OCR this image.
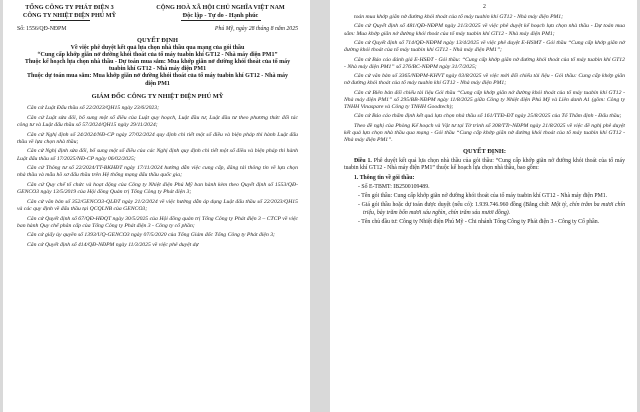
TỔNG CÔNG TY PHÁT ĐIỆN 3
CÔNG TY NHIỆT ĐIỆN PHÚ MỸ
CỘNG HOÀ XÃ HỘI CHỦ NGHĨA VIỆT NAM
Độc lập - Tự do - Hạnh phúc
Số: 1556/QĐ-NĐPM	Phú Mỹ, ngày 28 tháng 8 năm 2025
QUYẾT ĐỊNH
Về việc phê duyệt kết quả lựa chọn nhà thầu qua mạng của gói thầu
“Cung cấp khớp giãn nở đường khói thoát của tổ máy tuabin khí GT12 - Nhà máy điện PM1”
Thuộc kế hoạch lựa chọn nhà thầu - Dự toán mua sắm: Mua khớp giãn nở đường khói thoát của tổ máy tuabin khí GT12 - Nhà máy điện PM1
Thuộc dự toán mua sắm: Mua khớp giãn nở đường khói thoát của tổ máy tuabin khí GT12 - Nhà máy điện PM1
GIÁM ĐỐC CÔNG TY NHIỆT ĐIỆN PHÚ MỸ

Căn cứ Luật Đấu thầu số 22/2023/QH15 ngày 23/6/2023;

Căn cứ Luật sửa đổi, bổ sung một số điều của Luật quy hoạch, Luật đầu tư, Luật đầu tư theo phương thức đối tác công tư và Luật đấu thầu số 57/2024/QH15 ngày 29/11/2024;

Căn cứ Nghị định số 24/2024/NĐ-CP ngày 27/02/2024 quy định chi tiết một số điều và biện pháp thi hành Luật đấu thầu về lựa chọn nhà thầu;

Căn cứ Nghị định sửa đổi, bổ sung một số điều của các Nghị định quy định chi tiết một số điều và biện pháp thi hành Luật đấu thầu số 17/2025/NĐ-CP ngày 06/02/2025;

Căn cứ Thông tư số 22/2024/TT-BKHĐT ngày 17/11/2024 hướng dẫn việc cung cấp, đăng tải thông tin về lựa chọn nhà thầu và mẫu hồ sơ đấu thầu trên Hệ thống mạng đấu thầu quốc gia;

Căn cứ Quy chế tổ chức và hoạt động của Công ty Nhiệt điện Phú Mỹ ban hành kèm theo Quyết định số 1553/QĐ-GENCO3 ngày 13/5/2019 của Hội đồng Quản trị Tổng Công ty Phát điện 3;

Căn cứ văn bản số 352/GENCO3-QLĐT ngày 21/2/2024 về việc hướng dẫn áp dụng Luật đấu thầu số 22/2023/QH15 và các quy định về đấu thầu tại QCQLNB của GENCO3;

Căn cứ Quyết định số 67/QĐ-HĐQT ngày 30/5/2025 của Hội đồng quản trị Tổng Công ty Phát điện 3 – CTCP về việc ban hành Quy chế phân cấp của Tổng Công ty Phát điện 3 - Công ty cổ phần;

Căn cứ giấy ủy quyền số 1393/UQ-GENCO3 ngày 07/5/2020 của Tổng Giám đốc Tổng Công ty Phát điện 3;

Căn cứ Quyết định số 414/QĐ-NĐPM ngày 11/3/2025 về việc phê duyệt dự

2

toán mua khớp giãn nở đường khói thoát của tổ máy tuabin khí GT12 - Nhà máy điện PM1;

Căn cứ Quyết định số 481/QĐ-NĐPM ngày 21/3/2025 về việc phê duyệt kế hoạch lựa chọn nhà thầu - Dự toán mua sắm: Mua khớp giãn nở đường khói thoát của tổ máy tuabin khí GT12 - Nhà máy điện PM1;

Căn cứ Quyết định số 714/QĐ-NĐPM ngày 13/4/2025 về việc phê duyệt E-HSMT - Gói thầu “Cung cấp khớp giãn nở đường khói thoát của tổ máy tuabin khí GT12 - Nhà máy điện PM1”;

Căn cứ Báo cáo đánh giá E-HSĐT - Gói thầu: “Cung cấp khớp giãn nở đường khói thoát của tổ máy tuabin khí GT12 - Nhà máy điện PM1” số 276/BC-NĐPM ngày 31/7/2025;

Căn cứ văn bản số 3365/NĐPM-KHVT ngày 03/8/2025 về việc mời đối chiếu tài liệu - Gói thầu: Cung cấp khớp giãn nở đường khói thoát của tổ máy tuabin khí GT12 - Nhà máy điện PM1;

Căn cứ Biên bản đối chiếu tài liệu Gói thầu “Cung cấp khớp giãn nở đường khói thoát của tổ máy tuabin khí GT12 - Nhà máy điện PM1” số 295/BB-NĐPM ngày 11/8/2025 giữa Công ty Nhiệt điện Phú Mỹ và Liên danh A1 (gồm: Công ty TNHH Vinaspare và Công ty TNHH Goodtech);

Căn cứ Báo cáo thẩm định kết quả lựa chọn nhà thầu số 161/TTĐ-ĐT ngày 25/8/2025 của Tổ Thẩm định - Đấu thầu;

Theo đề nghị của Phòng Kế hoạch và Vật tư tại Tờ trình số 308/TTr-NĐPM ngày 21/8/2025 về việc đề nghị phê duyệt kết quả lựa chọn nhà thầu qua mạng - Gói thầu “Cung cấp khớp giãn nở đường khói thoát của tổ máy tuabin khí GT12 - Nhà máy điện PM1”.

QUYẾT ĐỊNH:

Điều 1. Phê duyệt kết quả lựa chọn nhà thầu của gói thầu: “Cung cấp khớp giãn nở đường khói thoát của tổ máy tuabin khí GT12 - Nhà máy điện PM1” thuộc kế hoạch lựa chọn nhà thầu, bao gồm:

1. Thông tin về gói thầu:

- Số E-TBMT: IB2500109489.

- Tên gói thầu: Cung cấp khớp giãn nở đường khói thoát của tổ máy tuabin khí GT12 - Nhà máy điện PM1.

- Giá gói thầu hoặc dự toán được duyệt (nếu có): 1.939.746.960 đồng (Bằng chữ: Một tỷ, chín trăm ba mươi chín triệu, bảy trăm bốn mươi sáu nghìn, chín trăm sáu mươi đồng).

- Tên chủ đầu tư: Công ty Nhiệt điện Phú Mỹ - Chi nhánh Tổng Công ty Phát điện 3 - Công ty Cổ phần.
